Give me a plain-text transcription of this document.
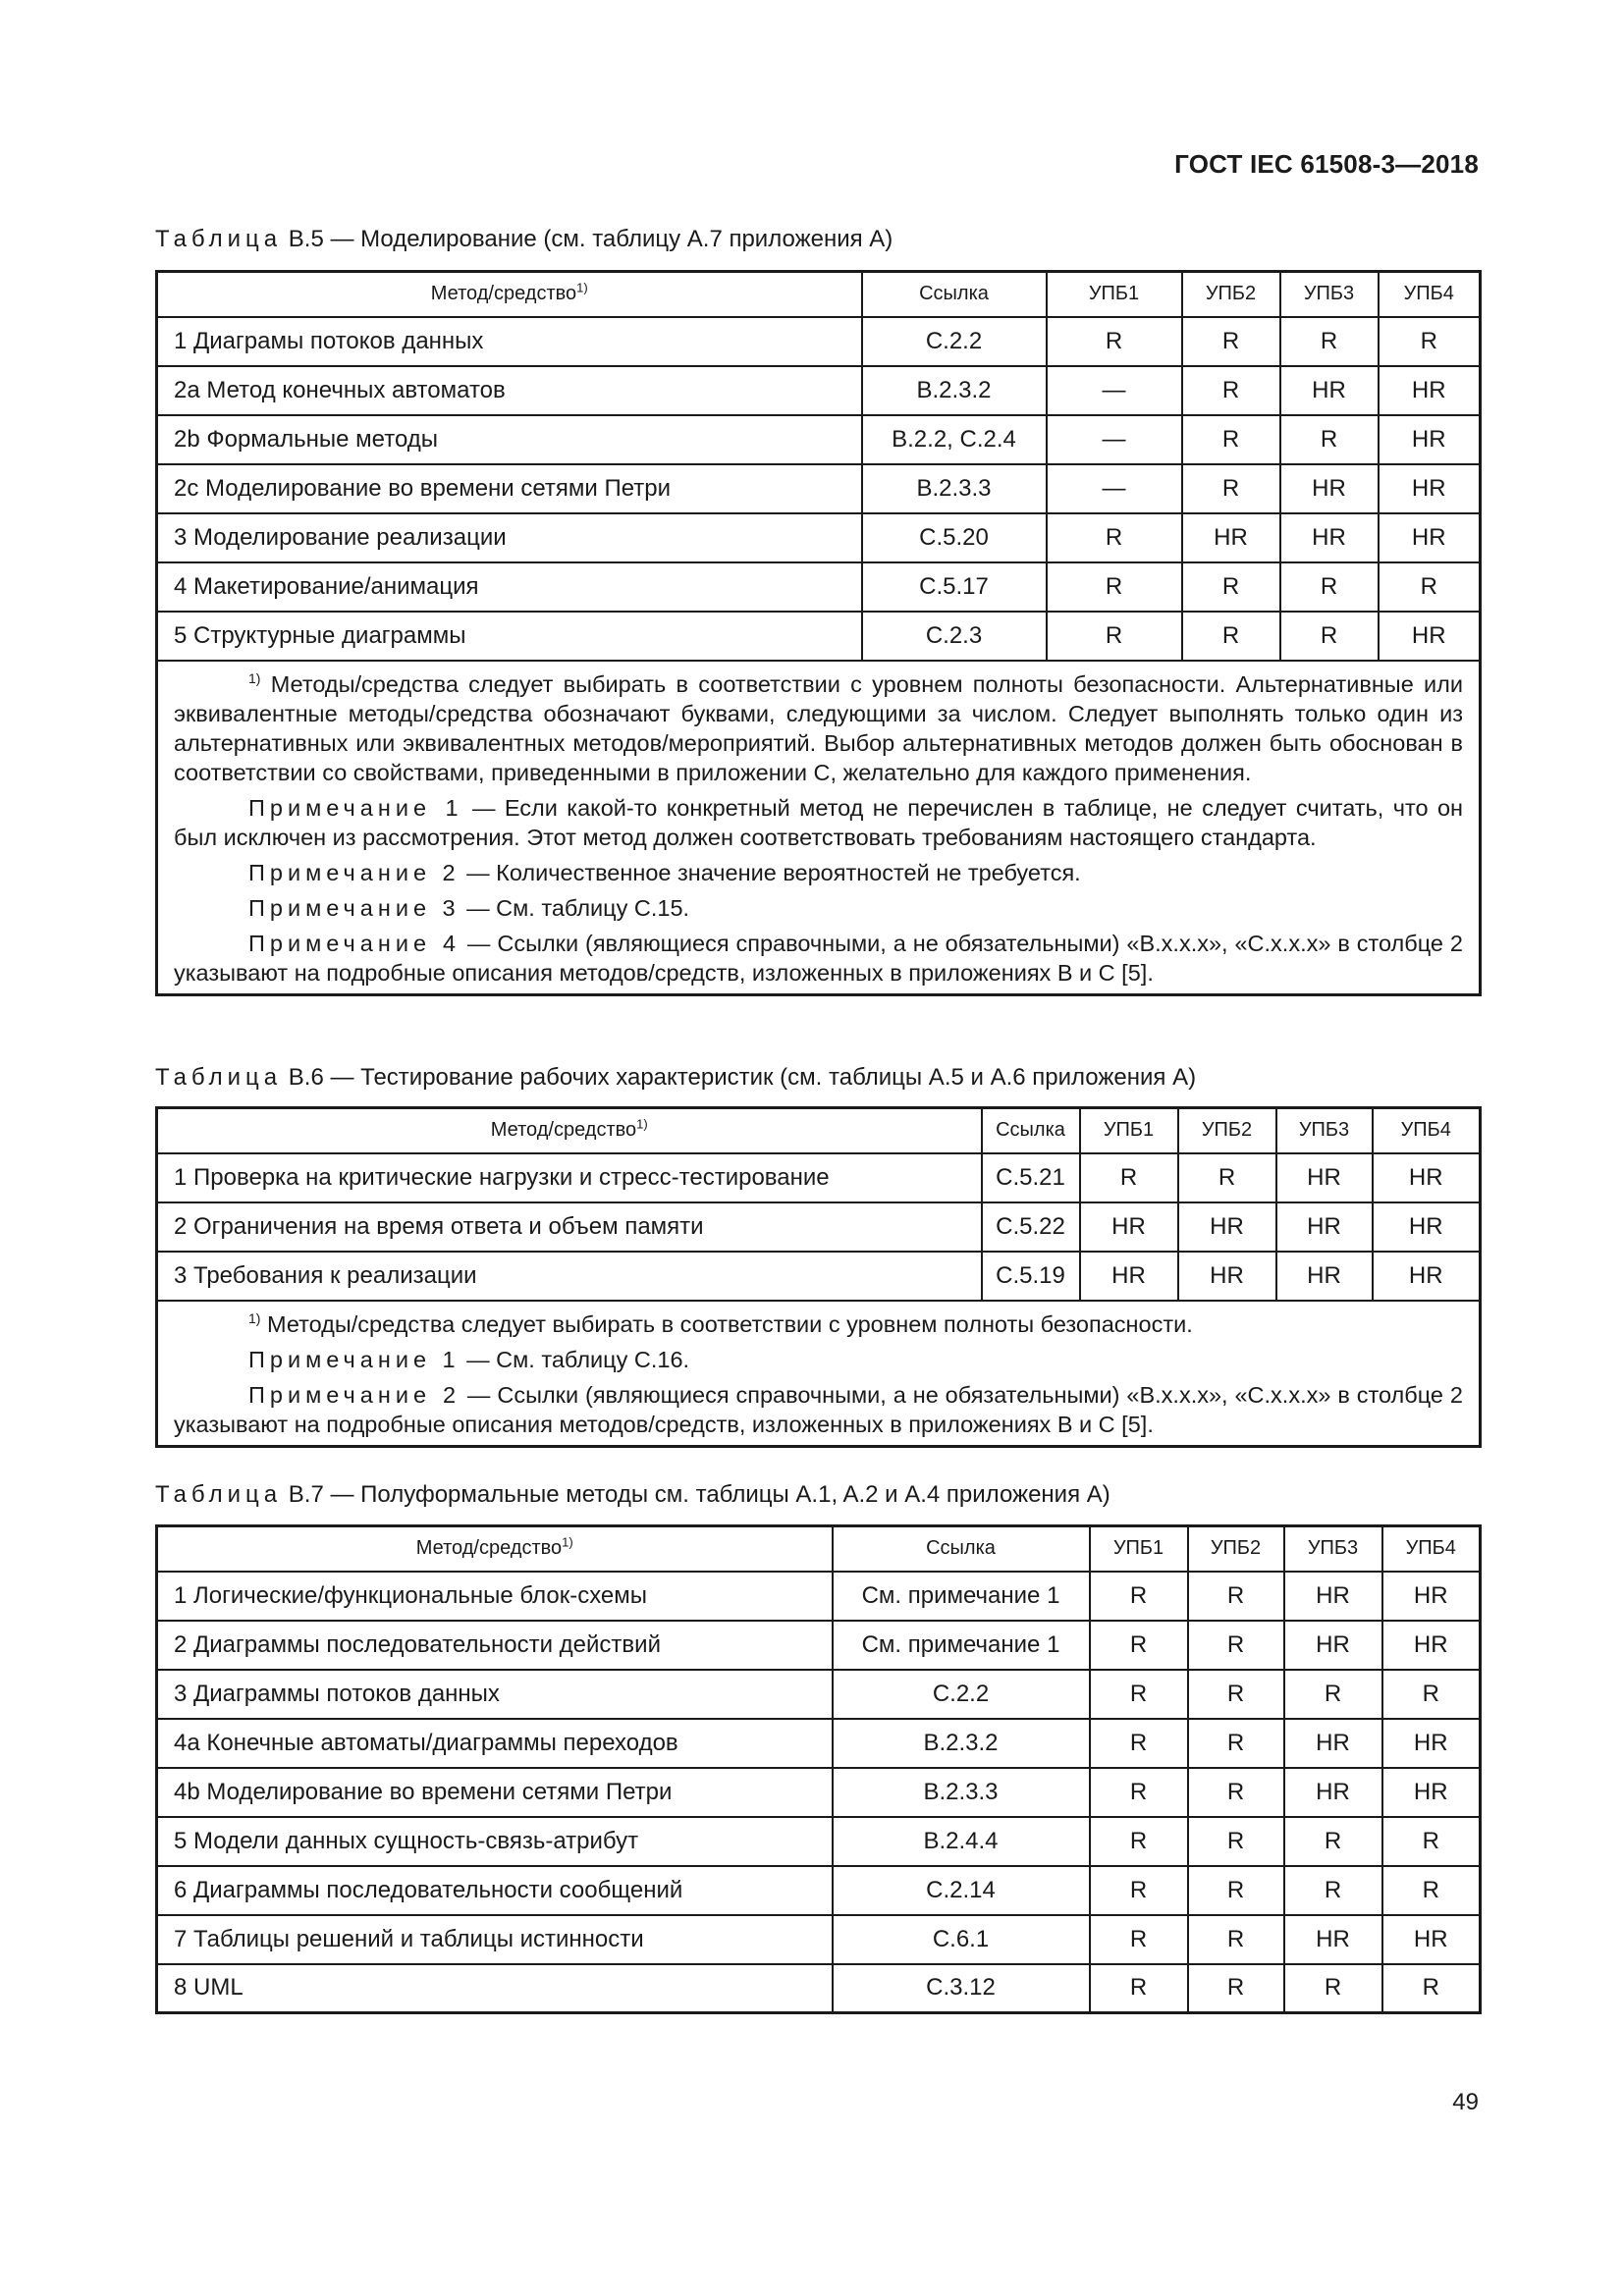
ГОСТ IEC 61508-3—2018
Таблица B.5 — Моделирование (см. таблицу A.7 приложения A)
Метод/средство$^{1)}$	Ссылка	УПБ1	УПБ2	УПБ3	УПБ4
1 Диаграмы потоков данных	C.2.2	R	R	R	R
2a Метод конечных автоматов	B.2.3.2	—	R	HR	HR
2b Формальные методы	B.2.2, C.2.4	—	R	R	HR
2c Моделирование во времени сетями Петри	B.2.3.3	—	R	HR	HR
3 Моделирование реализации	C.5.20	R	HR	HR	HR
4 Макетирование/анимация	C.5.17	R	R	R	R
5 Структурные диаграммы	C.2.3	R	R	R	HR

$^{1)}$ Методы/средства следует выбирать в соответствии с уровнем полноты безопасности. Альтернативные или эквивалентные методы/средства обозначают буквами, следующими за числом. Следует выполнять только один из альтернативных или эквивалентных методов/мероприятий. Выбор альтернативных методов должен быть обоснован в соответствии со свойствами, приведенными в приложении С, желательно для каждого применения.

Примечание 1 — Если какой-то конкретный метод не перечислен в таблице, не следует считать, что он был исключен из рассмотрения. Этот метод должен соответствовать требованиям настоящего стандарта.

Примечание 2 — Количественное значение вероятностей не требуется.

Примечание 3 — См. таблицу С.15.

Примечание 4 — Ссылки (являющиеся справочными, а не обязательными) «В.х.х.х», «С.х.х.х» в столбце 2 указывают на подробные описания методов/средств, изложенных в приложениях В и С [5].					

Таблица B.6 — Тестирование рабочих характеристик (см. таблицы A.5 и A.6 приложения A)
Метод/средство$^{1)}$	Ссылка	УПБ1	УПБ2	УПБ3	УПБ4
1 Проверка на критические нагрузки и стресс-тестирование	C.5.21	R	R	HR	HR
2 Ограничения на время ответа и объем памяти	C.5.22	HR	HR	HR	HR
3 Требования к реализации	C.5.19	HR	HR	HR	HR

$^{1)}$ Методы/средства следует выбирать в соответствии с уровнем полноты безопасности.

Примечание 1 — См. таблицу С.16.

Примечание 2 — Ссылки (являющиеся справочными, а не обязательными) «В.х.х.х», «С.х.х.х» в столбце 2 указывают на подробные описания методов/средств, изложенных в приложениях В и С [5].					

Таблица B.7 — Полуформальные методы см. таблицы A.1, A.2 и A.4 приложения A)
Метод/средство$^{1)}$	Ссылка	УПБ1	УПБ2	УПБ3	УПБ4
1 Логические/функциональные блок-схемы	См. примечание 1	R	R	HR	HR
2 Диаграммы последовательности действий	См. примечание 1	R	R	HR	HR
3 Диаграммы потоков данных	C.2.2	R	R	R	R
4a Конечные автоматы/диаграммы переходов	B.2.3.2	R	R	HR	HR
4b Моделирование во времени сетями Петри	B.2.3.3	R	R	HR	HR
5 Модели данных сущность-связь-атрибут	B.2.4.4	R	R	R	R
6 Диаграммы последовательности сообщений	C.2.14	R	R	R	R
7 Таблицы решений и таблицы истинности	C.6.1	R	R	HR	HR
8 UML	C.3.12	R	R	R	R
49
